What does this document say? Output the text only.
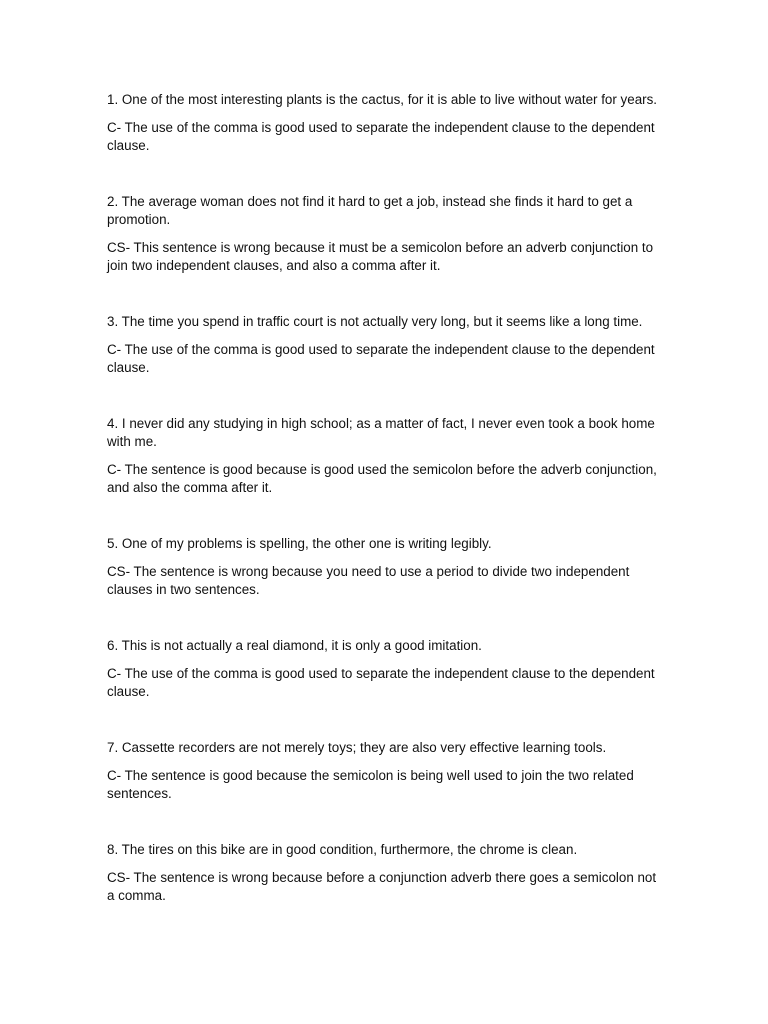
1. One of the most interesting plants is the cactus, for it is able to live without water for years.

C- The use of the comma is good used to separate the independent clause to the dependent clause.

2. The average woman does not find it hard to get a job, instead she finds it hard to get a promotion.

CS- This sentence is wrong because it must be a semicolon before an adverb conjunction to join two independent clauses, and also a comma after it.

3. The time you spend in traffic court is not actually very long, but it seems like a long time.

C- The use of the comma is good used to separate the independent clause to the dependent clause.

4. I never did any studying in high school; as a matter of fact, I never even took a book home with me.

C- The sentence is good because is good used the semicolon before the adverb conjunction, and also the comma after it.

5. One of my problems is spelling, the other one is writing legibly.

CS- The sentence is wrong because you need to use a period to divide two independent clauses in two sentences.

6. This is not actually a real diamond, it is only a good imitation.

C- The use of the comma is good used to separate the independent clause to the dependent clause.

7. Cassette recorders are not merely toys; they are also very effective learning tools.

C- The sentence is good because the semicolon is being well used to join the two related sentences.

8. The tires on this bike are in good condition, furthermore, the chrome is clean.

CS- The sentence is wrong because before a conjunction adverb there goes a semicolon not a comma.
